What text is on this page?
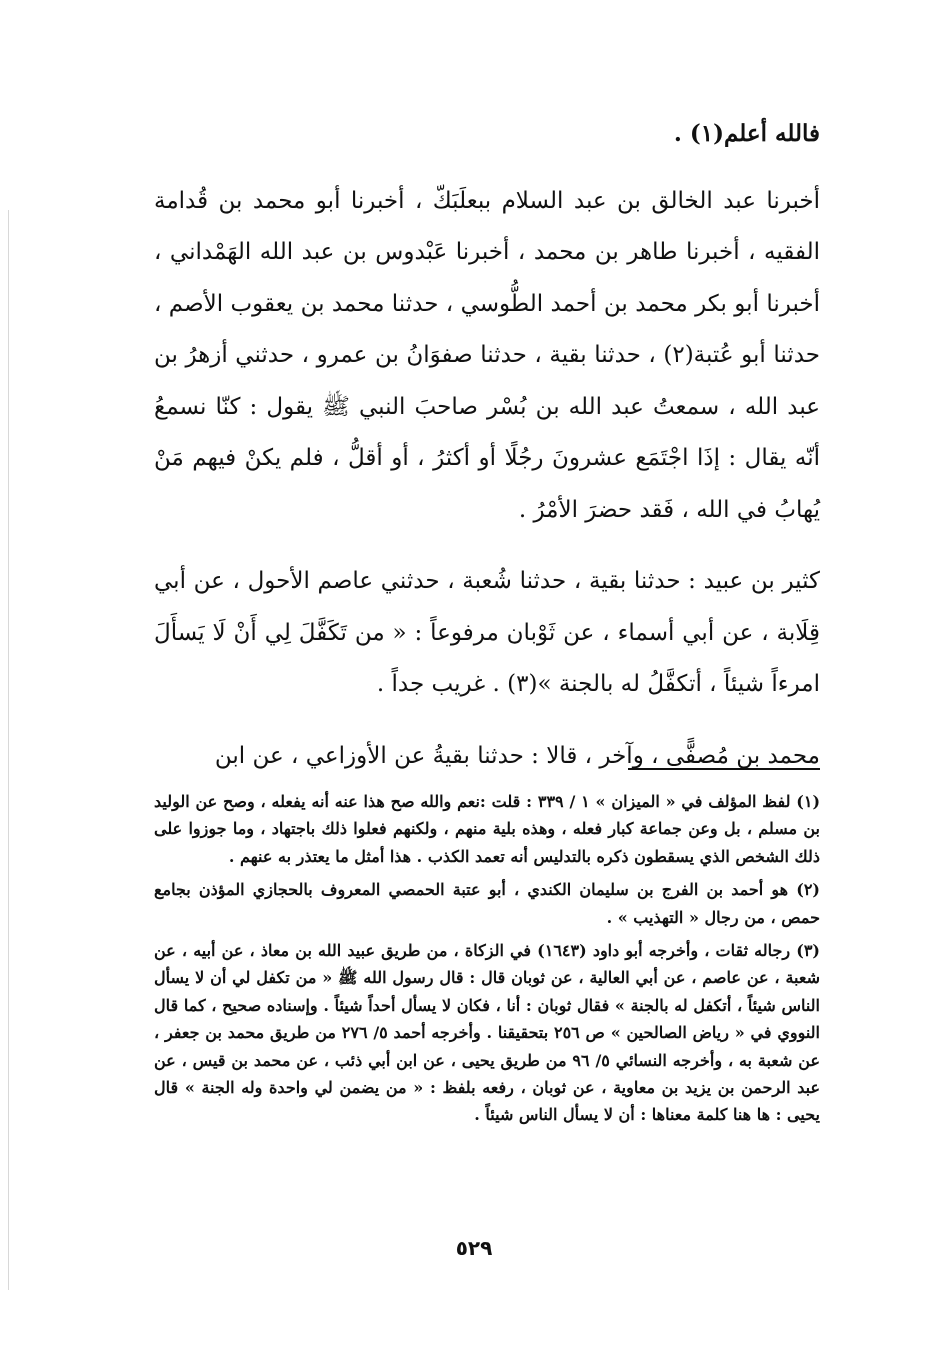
فالله أعلم(١) .

أخبرنا عبد الخالق بن عبد السلام ببعلَبَكّ ، أخبرنا أبو محمد بن قُدامة الفقيه ، أخبرنا طاهر بن محمد ، أخبرنا عَبْدوس بن عبد الله الهَمْداني ، أخبرنا أبو بكر محمد بن أحمد الطُّوسي ، حدثنا محمد بن يعقوب الأصم ، حدثنا أبو عُتبة(٢) ، حدثنا بقية ، حدثنا صفوَانُ بن عمرو ، حدثني أزهرُ بن عبد الله ، سمعتُ عبد الله بن بُسْر صاحبَ النبي ﷺ يقول : كنّا نسمعُ أنّه يقال : إذَا اجْتَمَع عشرونَ رجُلًا أو أكثرُ ، أو أقلُّ ، فلم يكنْ فيهم مَنْ يُهابُ في الله ، فَقد حضرَ الأمْرُ .

كثير بن عبيد : حدثنا بقية ، حدثنا شُعبة ، حدثني عاصم الأحول ، عن أبي قِلَابة ، عن أبي أسماء ، عن ثَوْبان مرفوعاً : « من تَكَفَّلَ لِي أَنْ لَا يَسأَلَ امرءاً شيئاً ، أتكفَّلُ له بالجنة »(٣) . غريب جداً .

محمد بن مُصفًّى ، وآخر ، قالا : حدثنا بقيةُ عن الأوزاعي ، عن ابن

(١) لفظ المؤلف في « الميزان » ١ / ٣٣٩ : قلت :نعم والله صح هذا عنه أنه يفعله ، وصح عن الوليد بن مسلم ، بل وعن جماعة كبار فعله ، وهذه بلية منهم ، ولكنهم فعلوا ذلك باجتهاد ، وما جوزوا على ذلك الشخص الذي يسقطون ذكره بالتدليس أنه تعمد الكذب . هذا أمثل ما يعتذر به عنهم .

(٢) هو أحمد بن الفرج بن سليمان الكندي ، أبو عتبة الحمصي المعروف بالحجازي المؤذن بجامع حمص ، من رجال « التهذيب » .

(٣) رجاله ثقات ، وأخرجه أبو داود (١٦٤٣) في الزكاة ، من طريق عبيد الله بن معاذ ، عن أبيه ، عن شعبة ، عن عاصم ، عن أبي العالية ، عن ثوبان قال : قال رسول الله ﷺ « من تكفل لي أن لا يسأل الناس شيئاً ، أتكفل له بالجنة » فقال ثوبان : أنا ، فكان لا يسأل أحداً شيئاً . وإسناده صحيح ، كما قال النووي في « رياض الصالحين » ص ٢٥٦ بتحقيقنا . وأخرجه أحمد ٥/ ٢٧٦ من طريق محمد بن جعفر ، عن شعبة به ، وأخرجه النسائي ٥/ ٩٦ من طريق يحيى ، عن ابن أبي ذئب ، عن محمد بن قيس ، عن عبد الرحمن بن يزيد بن معاوية ، عن ثوبان ، رفعه بلفظ : « من يضمن لي واحدة وله الجنة » قال يحيى : ها هنا كلمة معناها : أن لا يسأل الناس شيئاً .

٥٢٩
